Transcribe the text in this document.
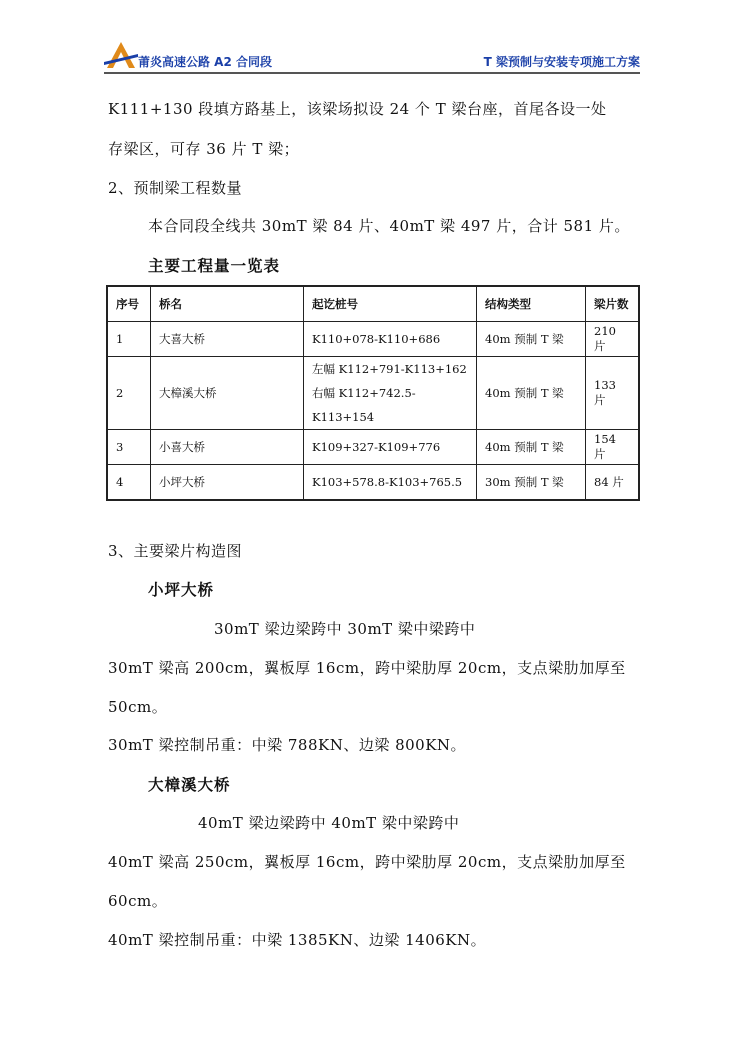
莆炎高速公路 A2 合同段	T 梁预制与安装专项施工方案
K111+130 段填方路基上，该梁场拟设 24 个 T 梁台座，首尾各设一处
存梁区，可存 36 片 T 梁；
2、预制梁工程数量
本合同段全线共 30mT 梁 84 片、40mT 梁 497 片，合计 581 片。
主要工程量一览表
序号	桥名	起讫桩号	结构类型	梁片数
1	大喜大桥	K110+078-K110+686	40m 预制 T 梁	210 片
2	大樟溪大桥	左幅 K112+791-K113+162
右幅 K112+742.5-K113+154	40m 预制 T 梁	133 片
3	小喜大桥	K109+327-K109+776	40m 预制 T 梁	154 片
4	小坪大桥	K103+578.8-K103+765.5	30m 预制 T 梁	84 片
3、主要梁片构造图
小坪大桥
30mT 梁边梁跨中 30mT 梁中梁跨中
30mT 梁高 200cm，翼板厚 16cm，跨中梁肋厚 20cm，支点梁肋加厚至
50cm。
30mT 梁控制吊重：中梁 788KN、边梁 800KN。
大樟溪大桥
40mT 梁边梁跨中 40mT 梁中梁跨中
40mT 梁高 250cm，翼板厚 16cm，跨中梁肋厚 20cm，支点梁肋加厚至
60cm。
40mT 梁控制吊重：中梁 1385KN、边梁 1406KN。
